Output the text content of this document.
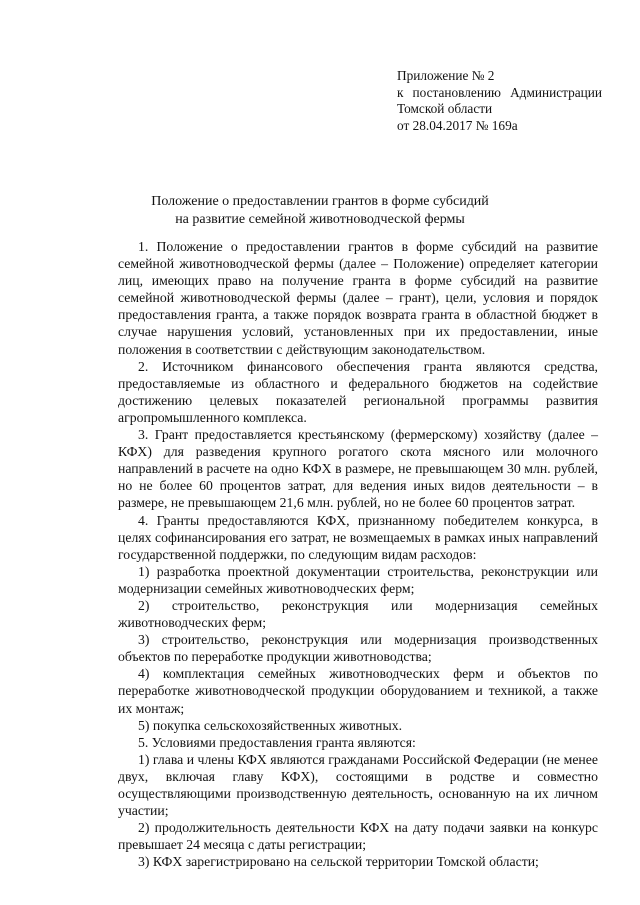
Приложение № 2
к постановлению Администрации
Томской области
от 28.04.2017 № 169а
Положение о предоставлении грантов в форме субсидий
на развитие семейной животноводческой фермы

1. Положение о предоставлении грантов в форме субсидий на развитие семейной животноводческой фермы (далее – Положение) определяет категории лиц, имеющих право на получение гранта в форме субсидий на развитие семейной животноводческой фермы (далее – грант), цели, условия и порядок предоставления гранта, а также порядок возврата гранта в областной бюджет в случае нарушения условий, установленных при их предоставлении, иные положения в соответствии с действующим законодательством.

2. Источником финансового обеспечения гранта являются средства, предоставляемые из областного и федерального бюджетов на содействие достижению целевых показателей региональной программы развития агропромышленного комплекса.

3. Грант предоставляется крестьянскому (фермерскому) хозяйству (далее – КФХ) для разведения крупного рогатого скота мясного или молочного направлений в расчете на одно КФХ в размере, не превышающем 30 млн. рублей, но не более 60 процентов затрат, для ведения иных видов деятельности – в размере, не превышающем 21,6 млн. рублей, но не более 60 процентов затрат.

4. Гранты предоставляются КФХ, признанному победителем конкурса, в целях софинансирования его затрат, не возмещаемых в рамках иных направлений государственной поддержки, по следующим видам расходов:

1) разработка проектной документации строительства, реконструкции или модернизации семейных животноводческих ферм;

2) строительство, реконструкция или модернизация семейных животноводческих ферм;

3) строительство, реконструкция или модернизация производственных объектов по переработке продукции животноводства;

4) комплектация семейных животноводческих ферм и объектов по переработке животноводческой продукции оборудованием и техникой, а также их монтаж;

5) покупка сельскохозяйственных животных.

5. Условиями предоставления гранта являются:

1) глава и члены КФХ являются гражданами Российской Федерации (не менее двух, включая главу КФХ), состоящими в родстве и совместно осуществляющими производственную деятельность, основанную на их личном участии;

2) продолжительность деятельности КФХ на дату подачи заявки на конкурс превышает 24 месяца с даты регистрации;

3) КФХ зарегистрировано на сельской территории Томской области;
